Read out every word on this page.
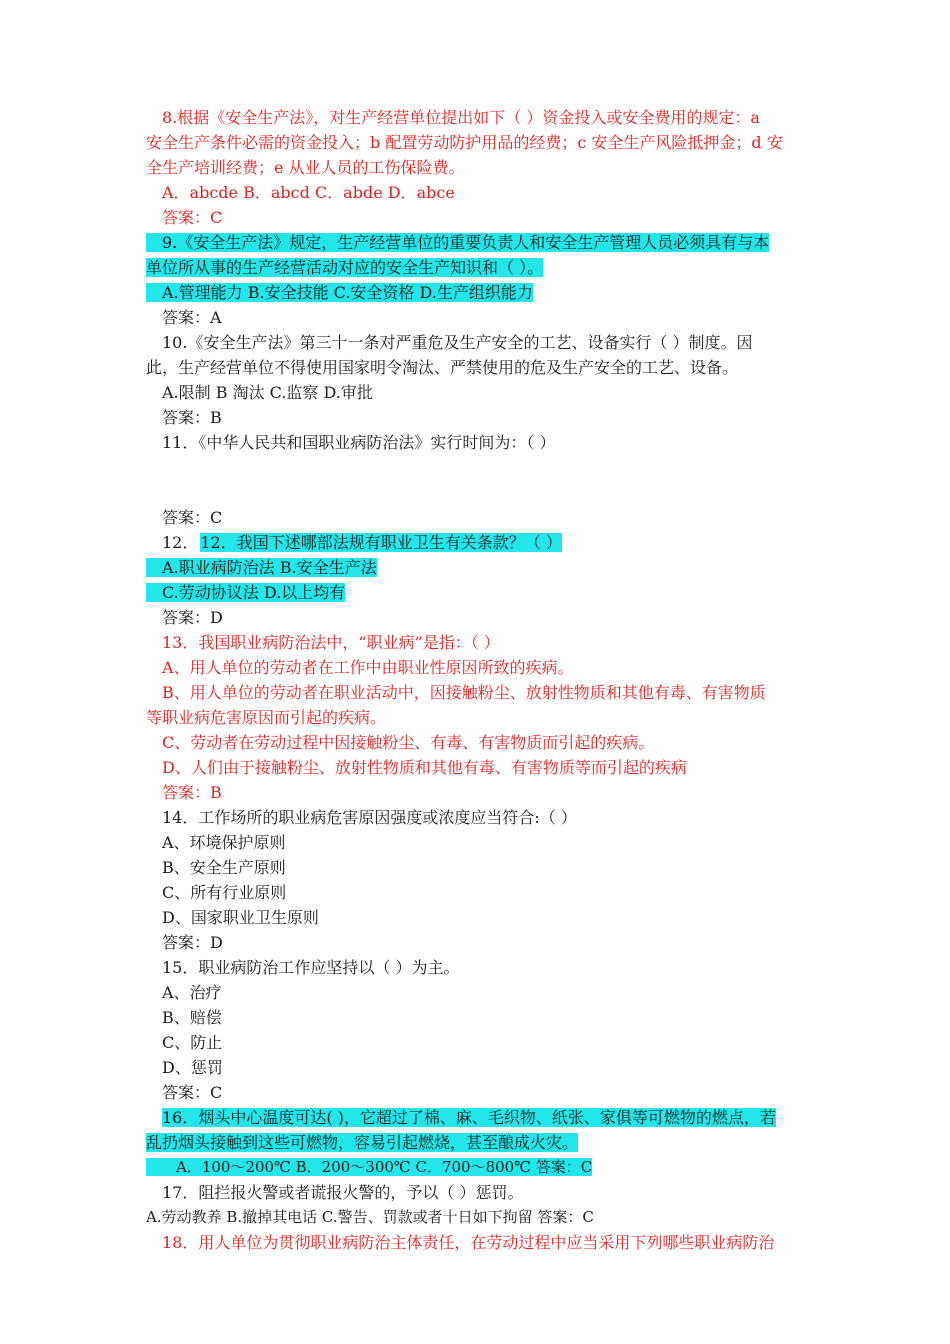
8.根据《安全生产法》，对生产经营单位提出如下（ ）资金投入或安全费用的规定：a
安全生产条件必需的资金投入；b 配置劳动防护用品的经费；c 安全生产风险抵押金；d 安
全生产培训经费；e 从业人员的工伤保险费。
A．abcde B．abcd C．abde D．abce
答案：C
9.《安全生产法》规定，生产经营单位的重要负责人和安全生产管理人员必须具有与本
单位所从事的生产经营活动对应的安全生产知识和（ ）。
A.管理能力 B.安全技能 C.安全资格 D.生产组织能力
答案：A
10.《安全生产法》第三十一条对严重危及生产安全的工艺、设备实行（ ）制度。因
此，生产经营单位不得使用国家明令淘汰、严禁使用的危及生产安全的工艺、设备。
A.限制 B 淘汰 C.监察 D.审批
答案：B
11．《中华人民共和国职业病防治法》实行时间为：（ ）
答案：C
12． 12．我国下述哪部法规有职业卫生有关条款？（ ）
A.职业病防治法 B.安全生产法
C.劳动协议法 D.以上均有
答案：D
13．我国职业病防治法中，“职业病”是指：（ ）
A、用人单位的劳动者在工作中由职业性原因所致的疾病。
B、用人单位的劳动者在职业活动中，因接触粉尘、放射性物质和其他有毒、有害物质
等职业病危害原因而引起的疾病。
C、劳动者在劳动过程中因接触粉尘、有毒、有害物质而引起的疾病。
D、人们由于接触粉尘、放射性物质和其他有毒、有害物质等而引起的疾病
答案：B
14．工作场所的职业病危害原因强度或浓度应当符合:（ ）
A、环境保护原则
B、安全生产原则
C、所有行业原则
D、国家职业卫生原则
答案：D
15．职业病防治工作应坚持以（ ）为主。
A、治疗
B、赔偿
C、防止
D、惩罚
答案：C
16．烟头中心温度可达( )，它超过了棉、麻、毛织物、纸张、家俱等可燃物的燃点，若
乱扔烟头接触到这些可燃物，容易引起燃烧，甚至酿成火灾。
A．100～200℃ B．200～300℃ C．700～800℃ 答案：C
17．阻拦报火警或者谎报火警的，予以（ ）惩罚。
A.劳动教养 B.撤掉其电话 C.警告、罚款或者十日如下拘留 答案：C
18．用人单位为贯彻职业病防治主体责任，在劳动过程中应当采用下列哪些职业病防治
